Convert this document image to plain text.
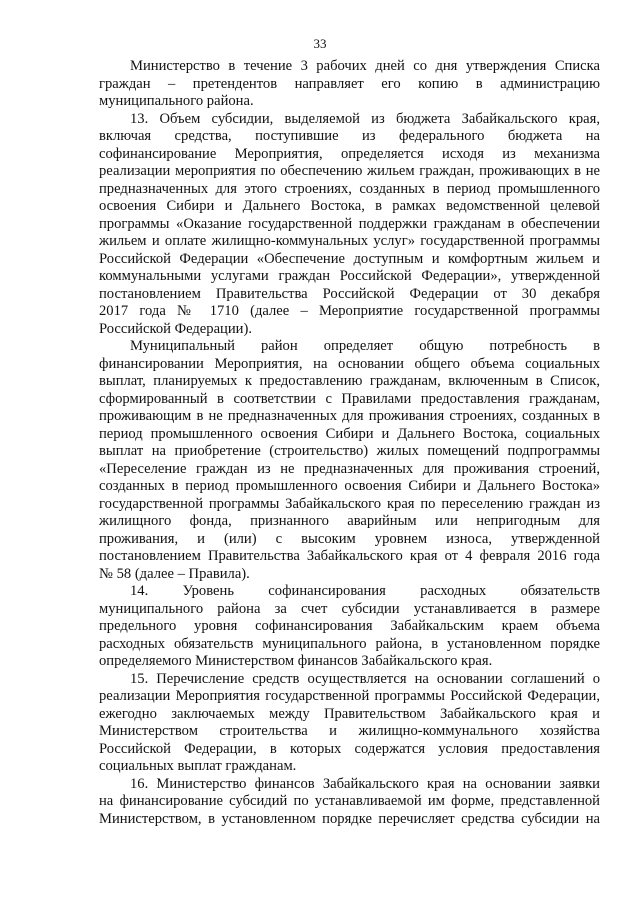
33
Министерство в течение 3 рабочих дней со дня утверждения Списка
граждан – претендентов направляет его копию в администрацию
муниципального района.
13. Объем субсидии, выделяемой из бюджета Забайкальского края,
включая средства, поступившие из федерального бюджета на
софинансирование Мероприятия, определяется исходя из механизма
реализации мероприятия по обеспечению жильем граждан, проживающих в не
предназначенных для этого строениях, созданных в период промышленного
освоения Сибири и Дальнего Востока, в рамках ведомственной целевой
программы «Оказание государственной поддержки гражданам в обеспечении
жильем и оплате жилищно-коммунальных услуг» государственной программы
Российской Федерации «Обеспечение доступным и комфортным жильем и
коммунальными услугами граждан Российской Федерации», утвержденной
постановлением Правительства Российской Федерации от 30 декабря
2017 года № 1710 (далее – Мероприятие государственной программы
Российской Федерации).
Муниципальный район определяет общую потребность в
финансировании Мероприятия, на основании общего объема социальных
выплат, планируемых к предоставлению гражданам, включенным в Список,
сформированный в соответствии с Правилами предоставления гражданам,
проживающим в не предназначенных для проживания строениях, созданных в
период промышленного освоения Сибири и Дальнего Востока, социальных
выплат на приобретение (строительство) жилых помещений подпрограммы
«Переселение граждан из не предназначенных для проживания строений,
созданных в период промышленного освоения Сибири и Дальнего Востока»
государственной программы Забайкальского края по переселению граждан из
жилищного фонда, признанного аварийным или непригодным для
проживания, и (или) с высоким уровнем износа, утвержденной
постановлением Правительства Забайкальского края от 4 февраля 2016 года
№ 58 (далее – Правила).
14. Уровень софинансирования расходных обязательств
муниципального района за счет субсидии устанавливается в размере
предельного уровня софинансирования Забайкальским краем объема
расходных обязательств муниципального района, в установленном порядке
определяемого Министерством финансов Забайкальского края.
15. Перечисление средств осуществляется на основании соглашений о
реализации Мероприятия государственной программы Российской Федерации,
ежегодно заключаемых между Правительством Забайкальского края и
Министерством строительства и жилищно-коммунального хозяйства
Российской Федерации, в которых содержатся условия предоставления
социальных выплат гражданам.
16. Министерство финансов Забайкальского края на основании заявки
на финансирование субсидий по устанавливаемой им форме, представленной
Министерством, в установленном порядке перечисляет средства субсидии на
